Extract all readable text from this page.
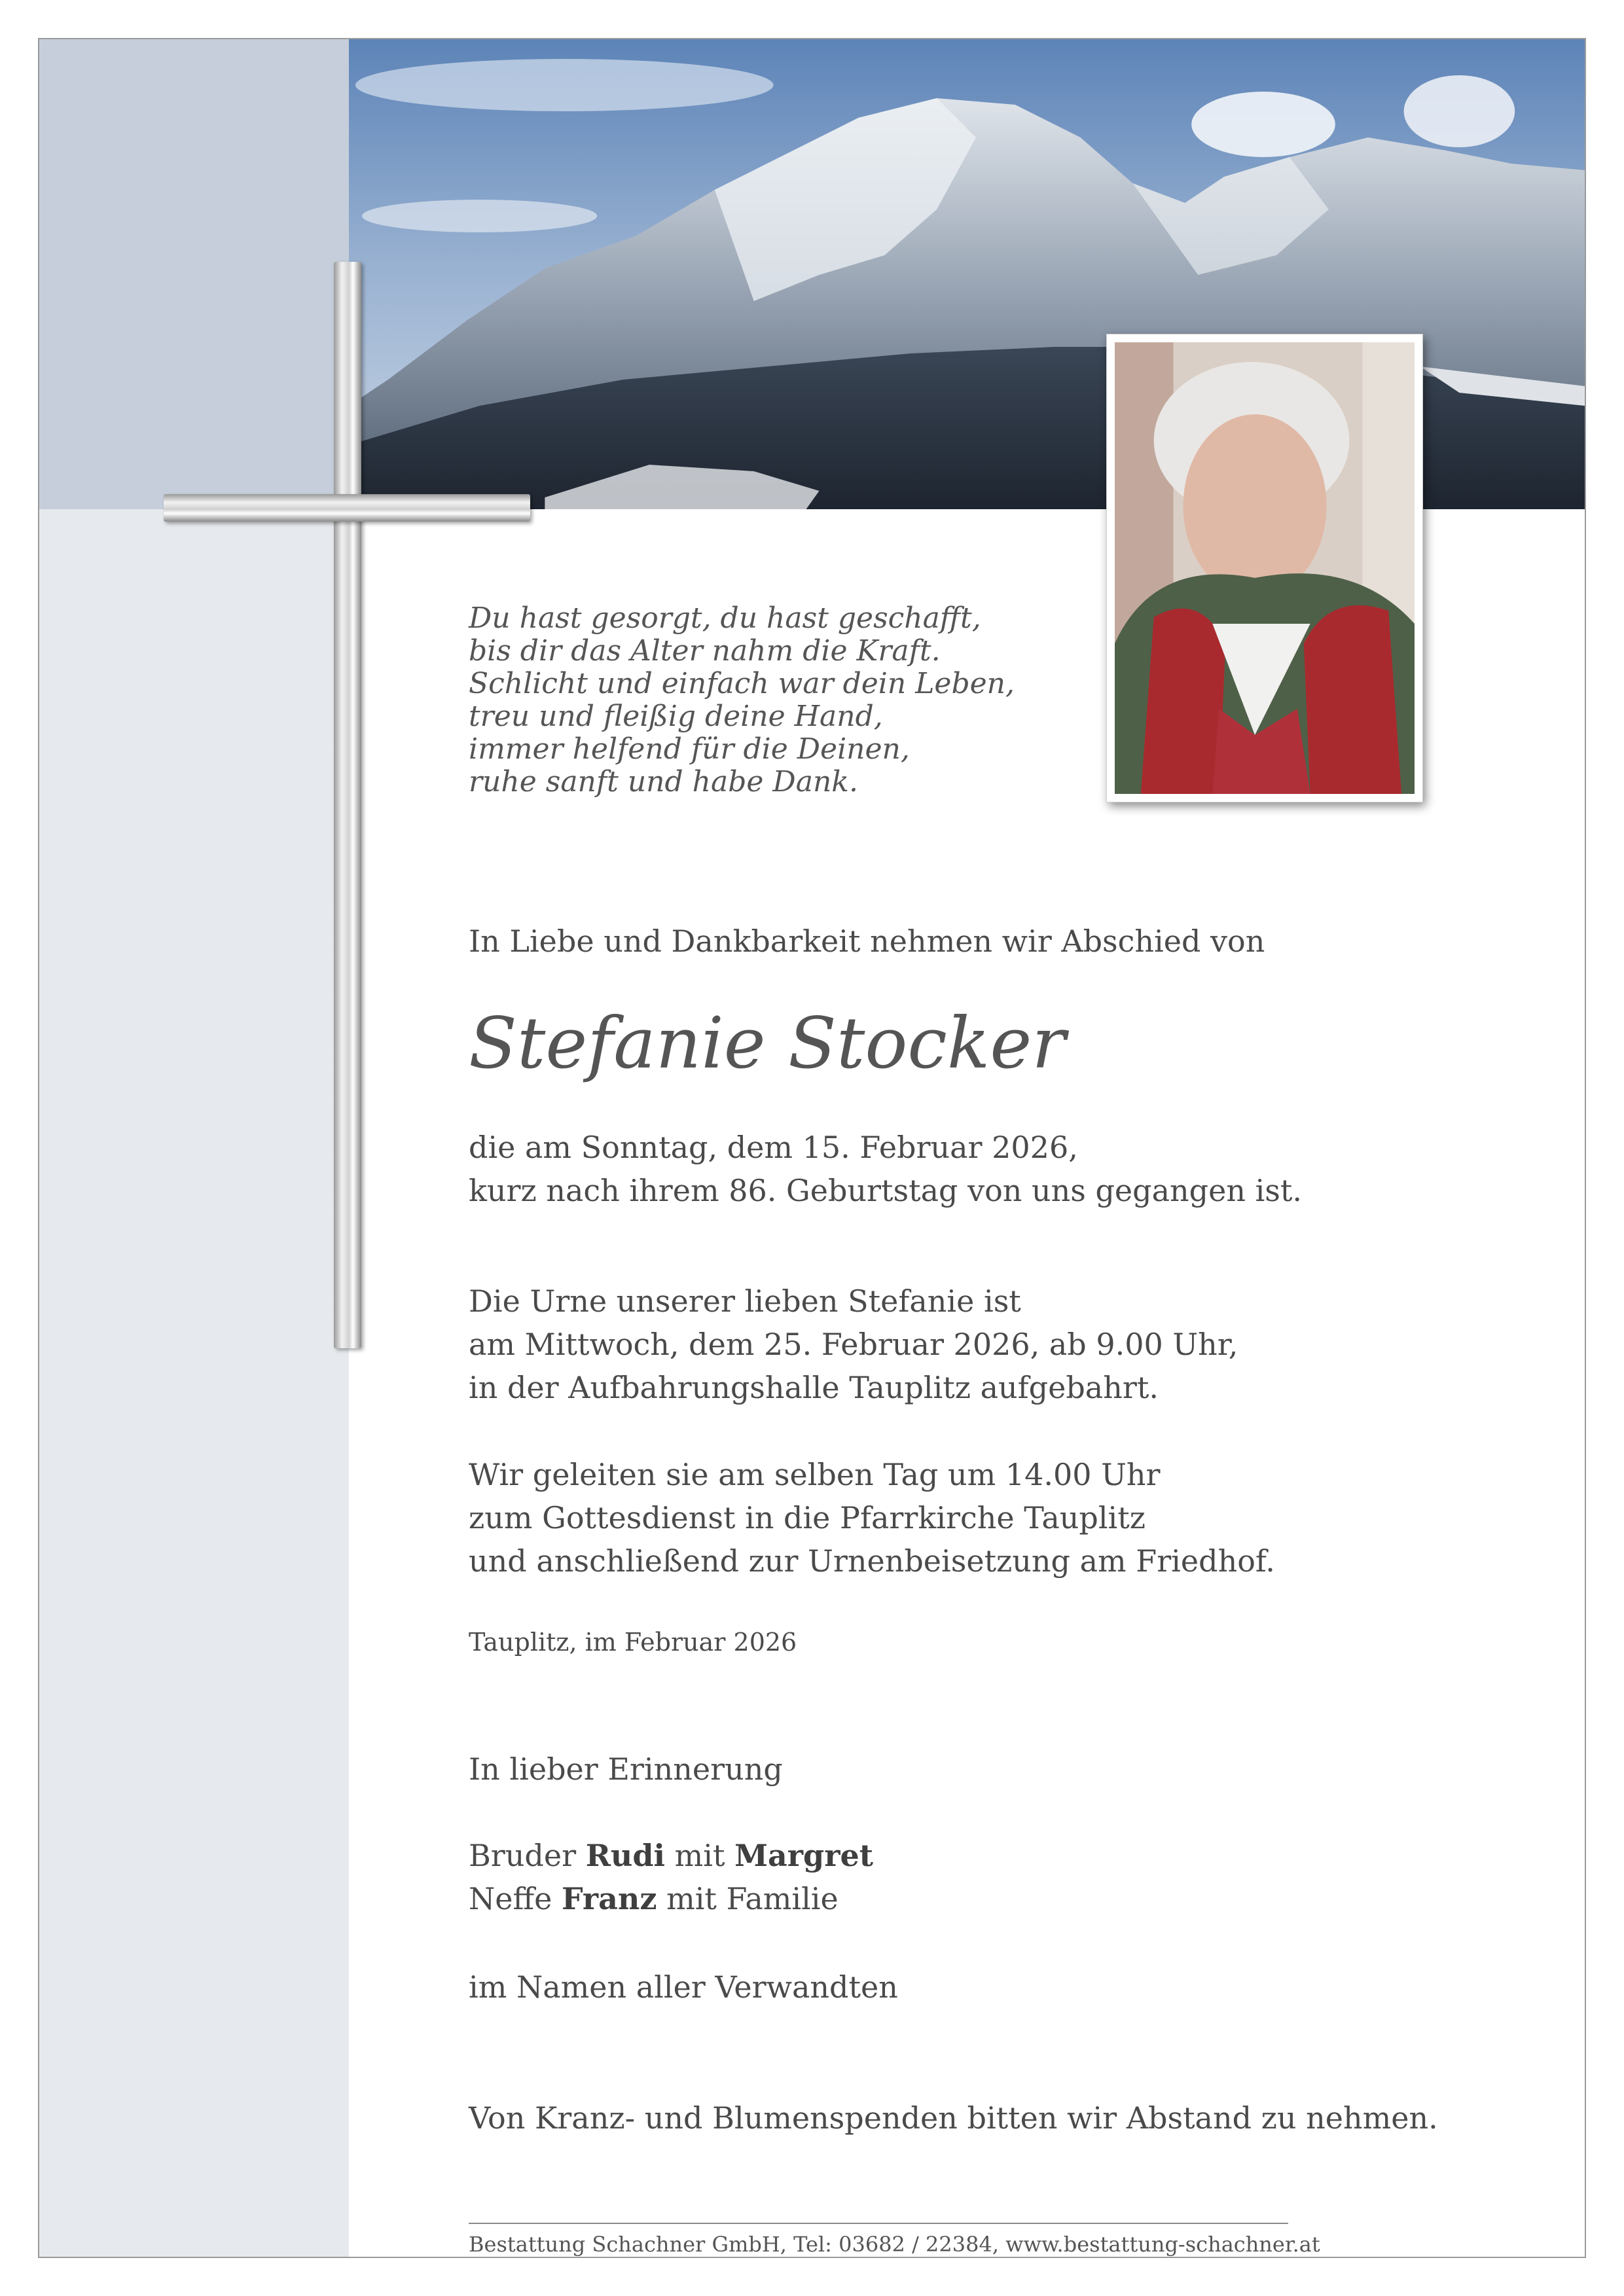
Du hast gesorgt, du hast geschafft,
bis dir das Alter nahm die Kraft.
Schlicht und einfach war dein Leben,
treu und fleißig deine Hand,
immer helfend für die Deinen,
ruhe sanft und habe Dank.
In Liebe und Dankbarkeit nehmen wir Abschied von
Stefanie Stocker
die am Sonntag, dem 15. Februar 2026,
kurz nach ihrem 86. Geburtstag von uns gegangen ist.
Die Urne unserer lieben Stefanie ist
am Mittwoch, dem 25. Februar 2026, ab 9.00 Uhr,
in der Aufbahrungshalle Tauplitz aufgebahrt.
Wir geleiten sie am selben Tag um 14.00 Uhr
zum Gottesdienst in die Pfarrkirche Tauplitz
und anschließend zur Urnenbeisetzung am Friedhof.
Tauplitz, im Februar 2026
In lieber Erinnerung
Bruder Rudi mit Margret
Neffe Franz mit Familie
im Namen aller Verwandten
Von Kranz- und Blumenspenden bitten wir Abstand zu nehmen.
Bestattung Schachner GmbH, Tel: 03682 / 22384, www.bestattung-schachner.at
